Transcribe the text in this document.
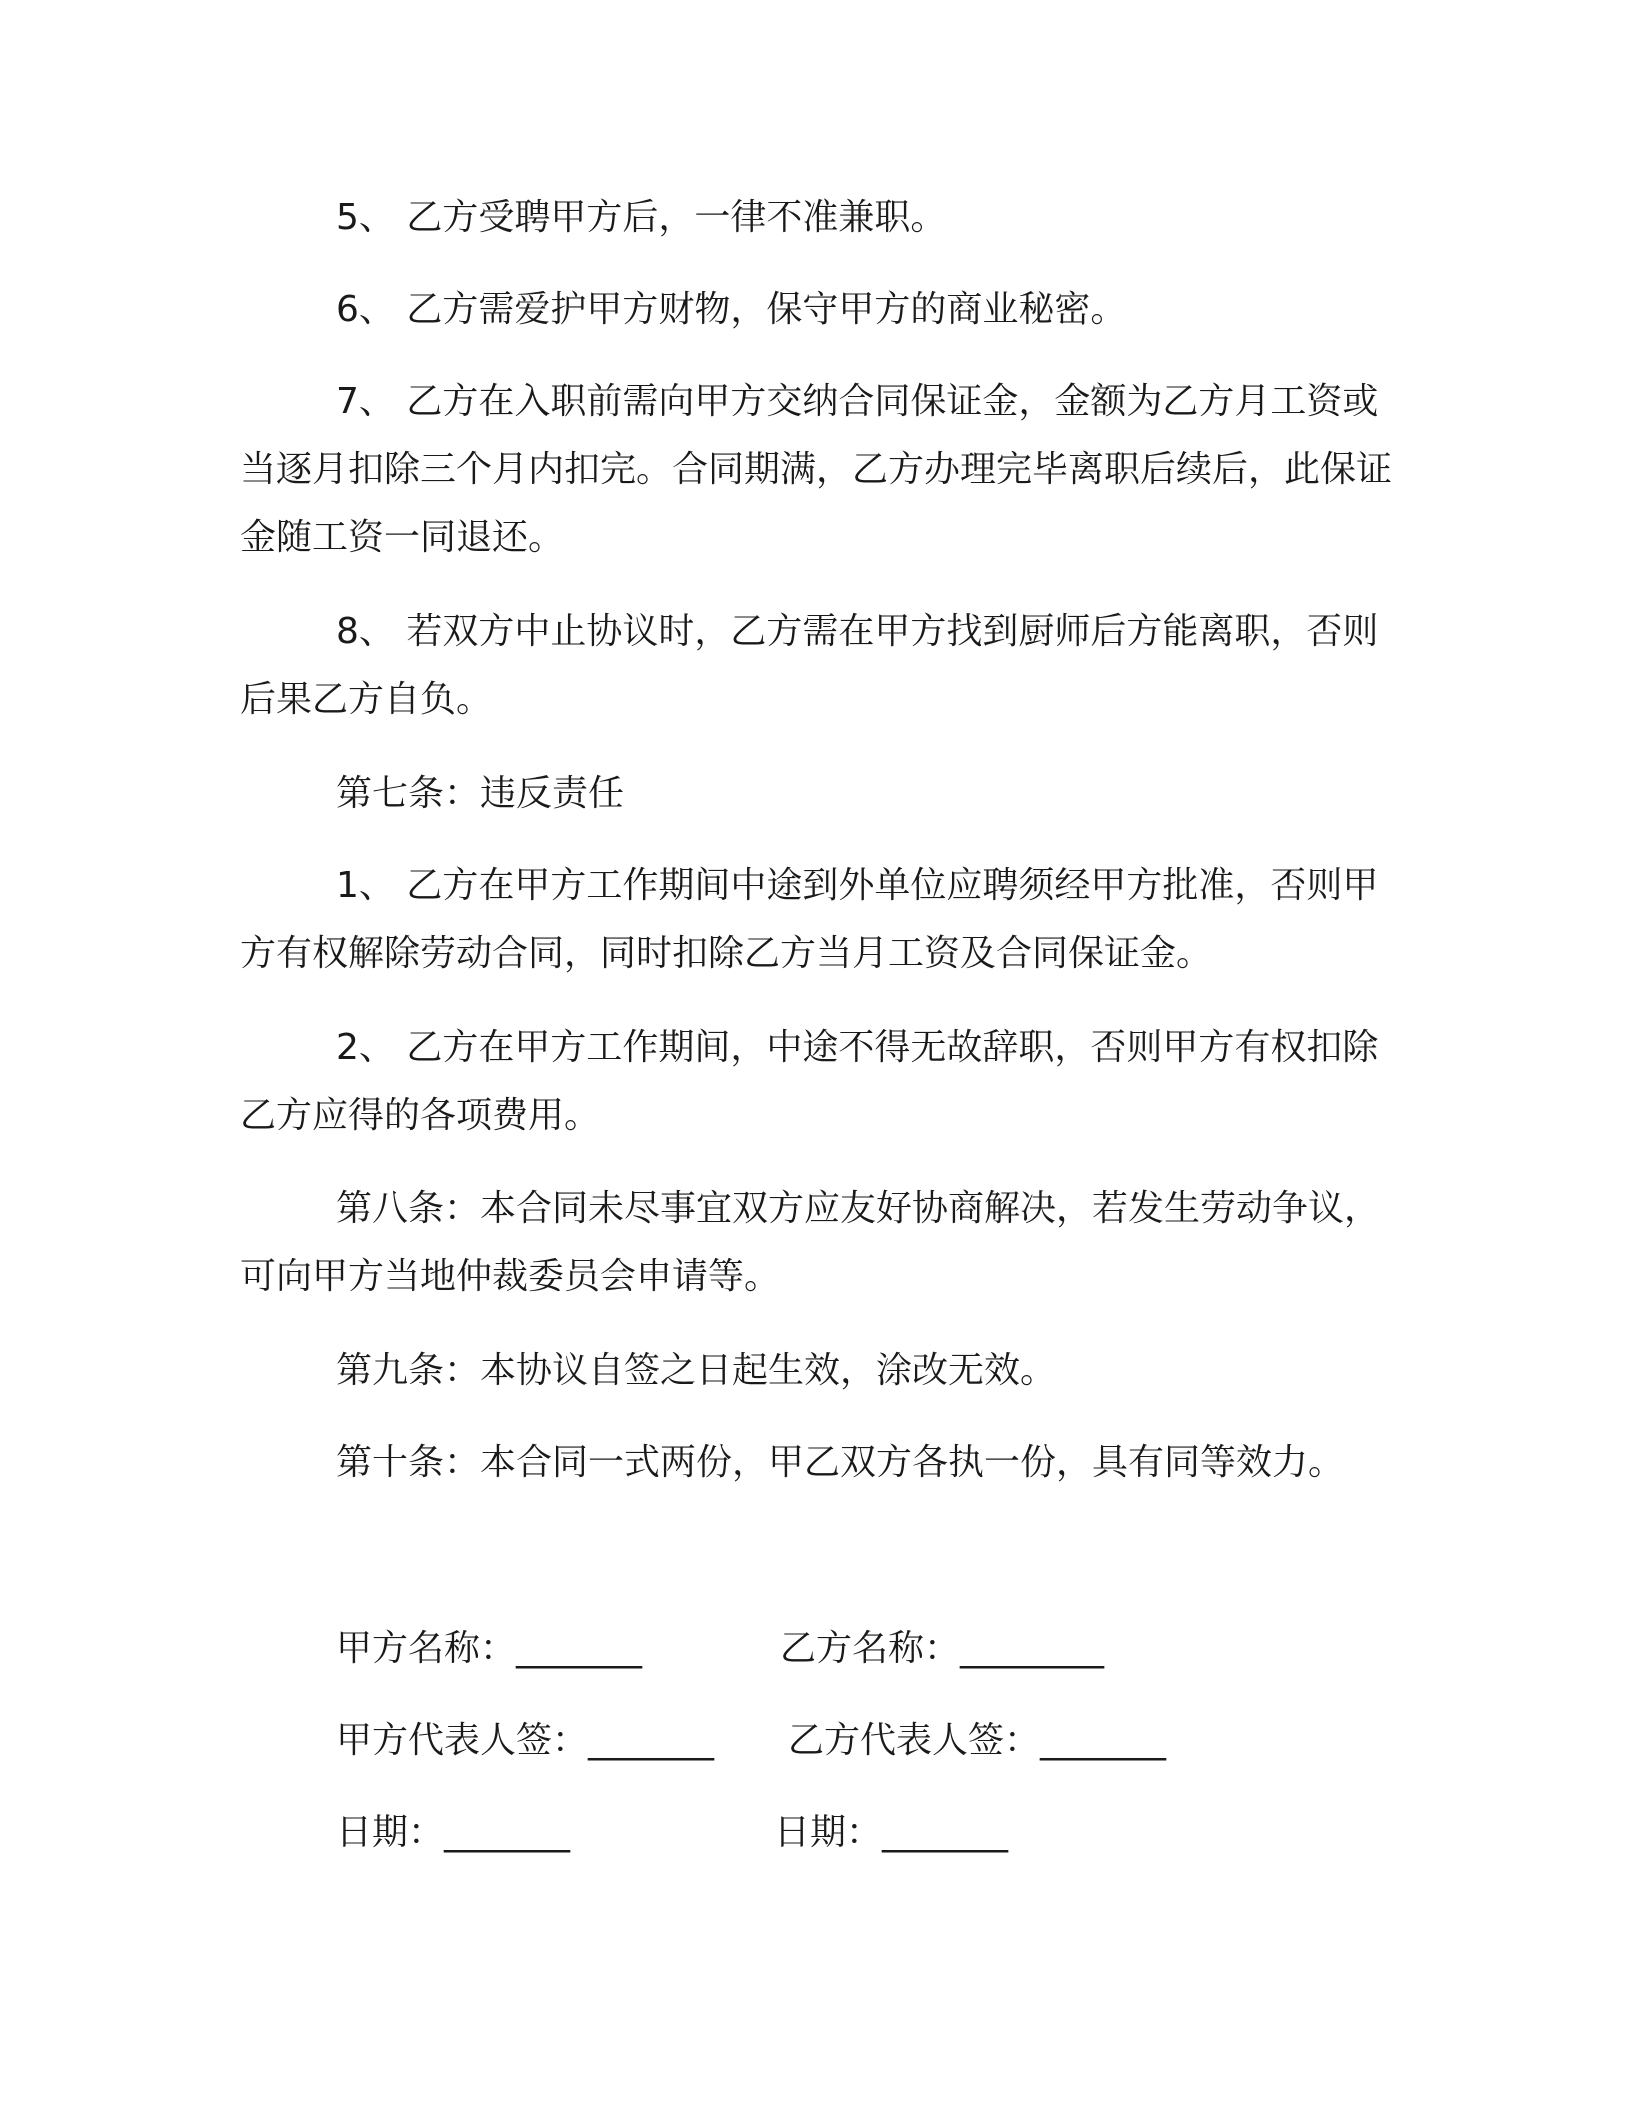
5、 乙方受聘甲方后，一律不准兼职。

6、 乙方需爱护甲方财物，保守甲方的商业秘密。

7、 乙方在入职前需向甲方交纳合同保证金，金额为乙方月工资或当逐月扣除三个月内扣完。合同期满，乙方办理完毕离职后续后，此保证金随工资一同退还。

8、 若双方中止协议时，乙方需在甲方找到厨师后方能离职，否则后果乙方自负。

第七条：违反责任

1、 乙方在甲方工作期间中途到外单位应聘须经甲方批准，否则甲方有权解除劳动合同，同时扣除乙方当月工资及合同保证金。

2、 乙方在甲方工作期间，中途不得无故辞职，否则甲方有权扣除乙方应得的各项费用。

第八条：本合同未尽事宜双方应友好协商解决，若发生劳动争议，可向甲方当地仲裁委员会申请等。

第九条：本协议自签之日起生效，涂改无效。

第十条：本合同一式两份，甲乙双方各执一份，具有同等效力。

甲方名称：_______	乙方名称：________

甲方代表人签：_______ 乙方代表人签：_______

日期：_______	日期：_______
